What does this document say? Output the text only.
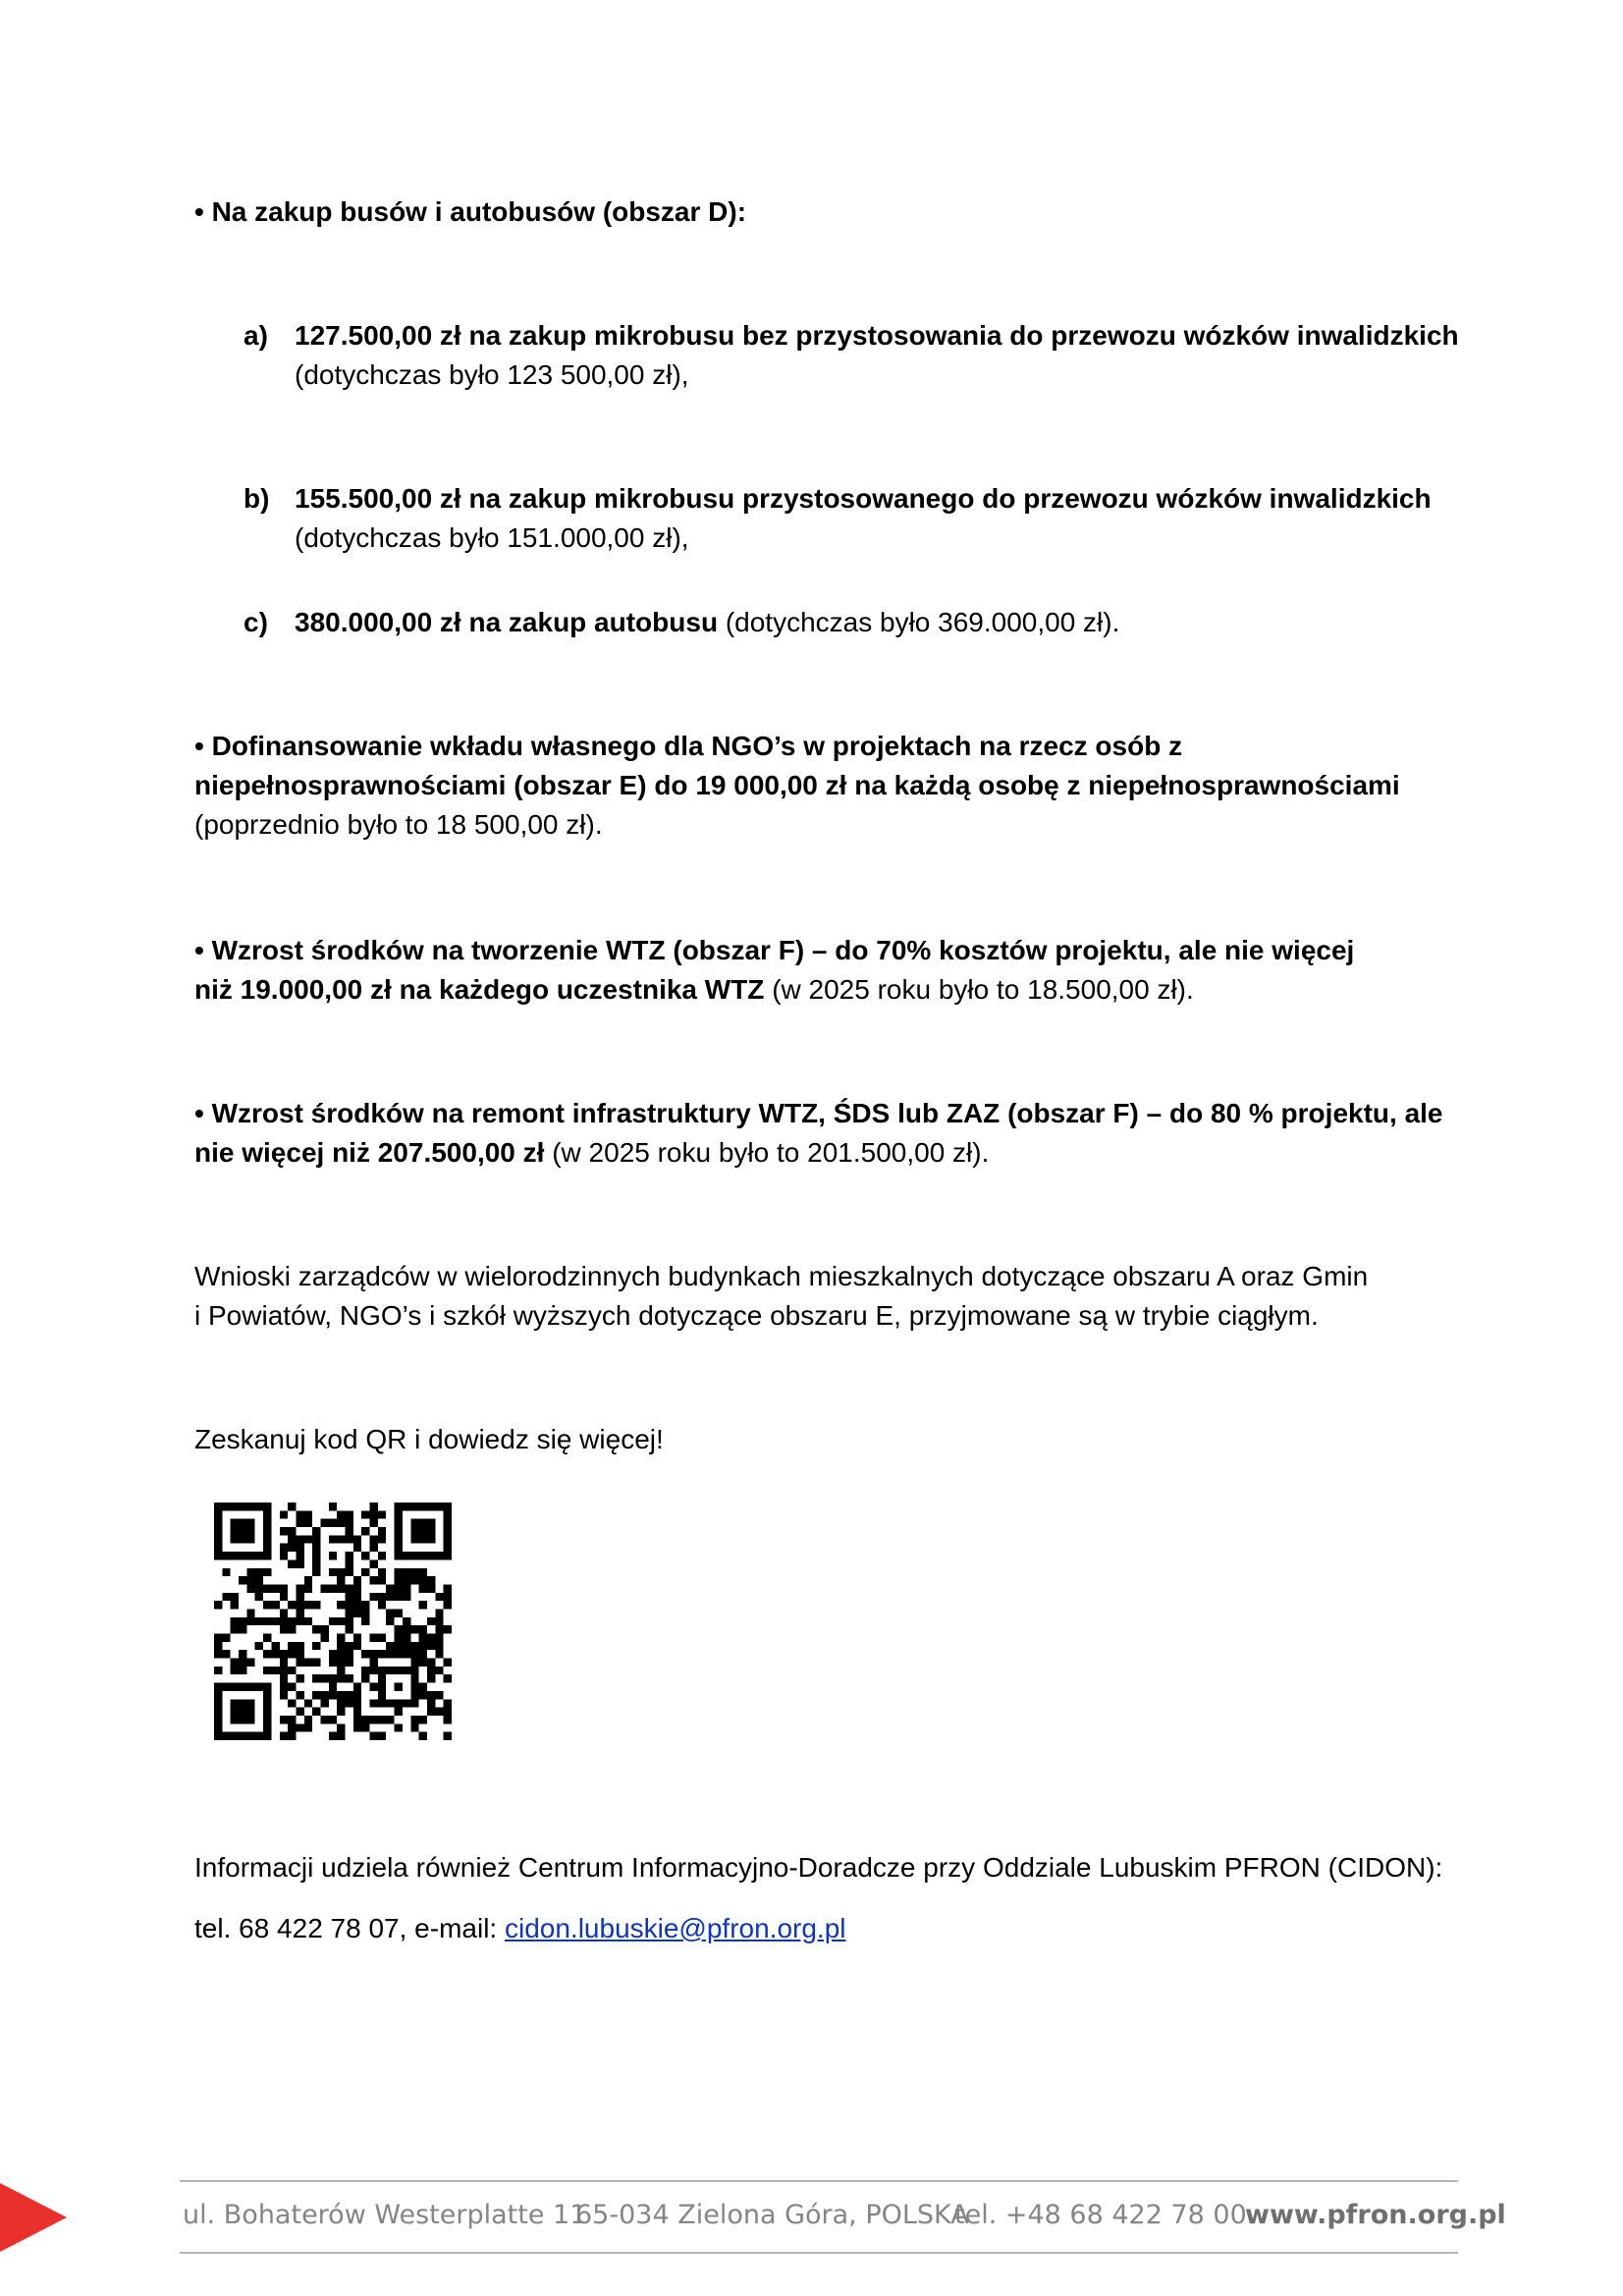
• Na zakup busów i autobusów (obszar D):
a) 127.500,00 zł na zakup mikrobusu bez przystosowania do przewozu wózków inwalidzkich
(dotychczas było 123 500,00 zł),
b) 155.500,00 zł na zakup mikrobusu przystosowanego do przewozu wózków inwalidzkich
(dotychczas było 151.000,00 zł),
c) 380.000,00 zł na zakup autobusu (dotychczas było 369.000,00 zł).
• Dofinansowanie wkładu własnego dla NGO’s w projektach na rzecz osób z niepełnosprawnościami (obszar E) do 19 000,00 zł na każdą osobę z niepełnosprawnościami (poprzednio było to 18 500,00 zł).
• Wzrost środków na tworzenie WTZ (obszar F) – do 70% kosztów projektu, ale nie więcej niż 19.000,00 zł na każdego uczestnika WTZ (w 2025 roku było to 18.500,00 zł).
• Wzrost środków na remont infrastruktury WTZ, ŚDS lub ZAZ (obszar F) – do 80 % projektu, ale nie więcej niż 207.500,00 zł (w 2025 roku było to 201.500,00 zł).
Wnioski zarządców w wielorodzinnych budynkach mieszkalnych dotyczące obszaru A oraz Gmin
i Powiatów, NGO’s i szkół wyższych dotyczące obszaru E, przyjmowane są w trybie ciągłym.
Zeskanuj kod QR i dowiedz się więcej!
Informacji udziela również Centrum Informacyjno-Doradcze przy Oddziale Lubuskim PFRON (CIDON):
tel. 68 422 78 07, e-mail: cidon.lubuskie@pfron.org.pl
ul. Bohaterów Westerplatte 11
65-034 Zielona Góra, POLSKA
tel. +48 68 422 78 00
www.pfron.org.pl
